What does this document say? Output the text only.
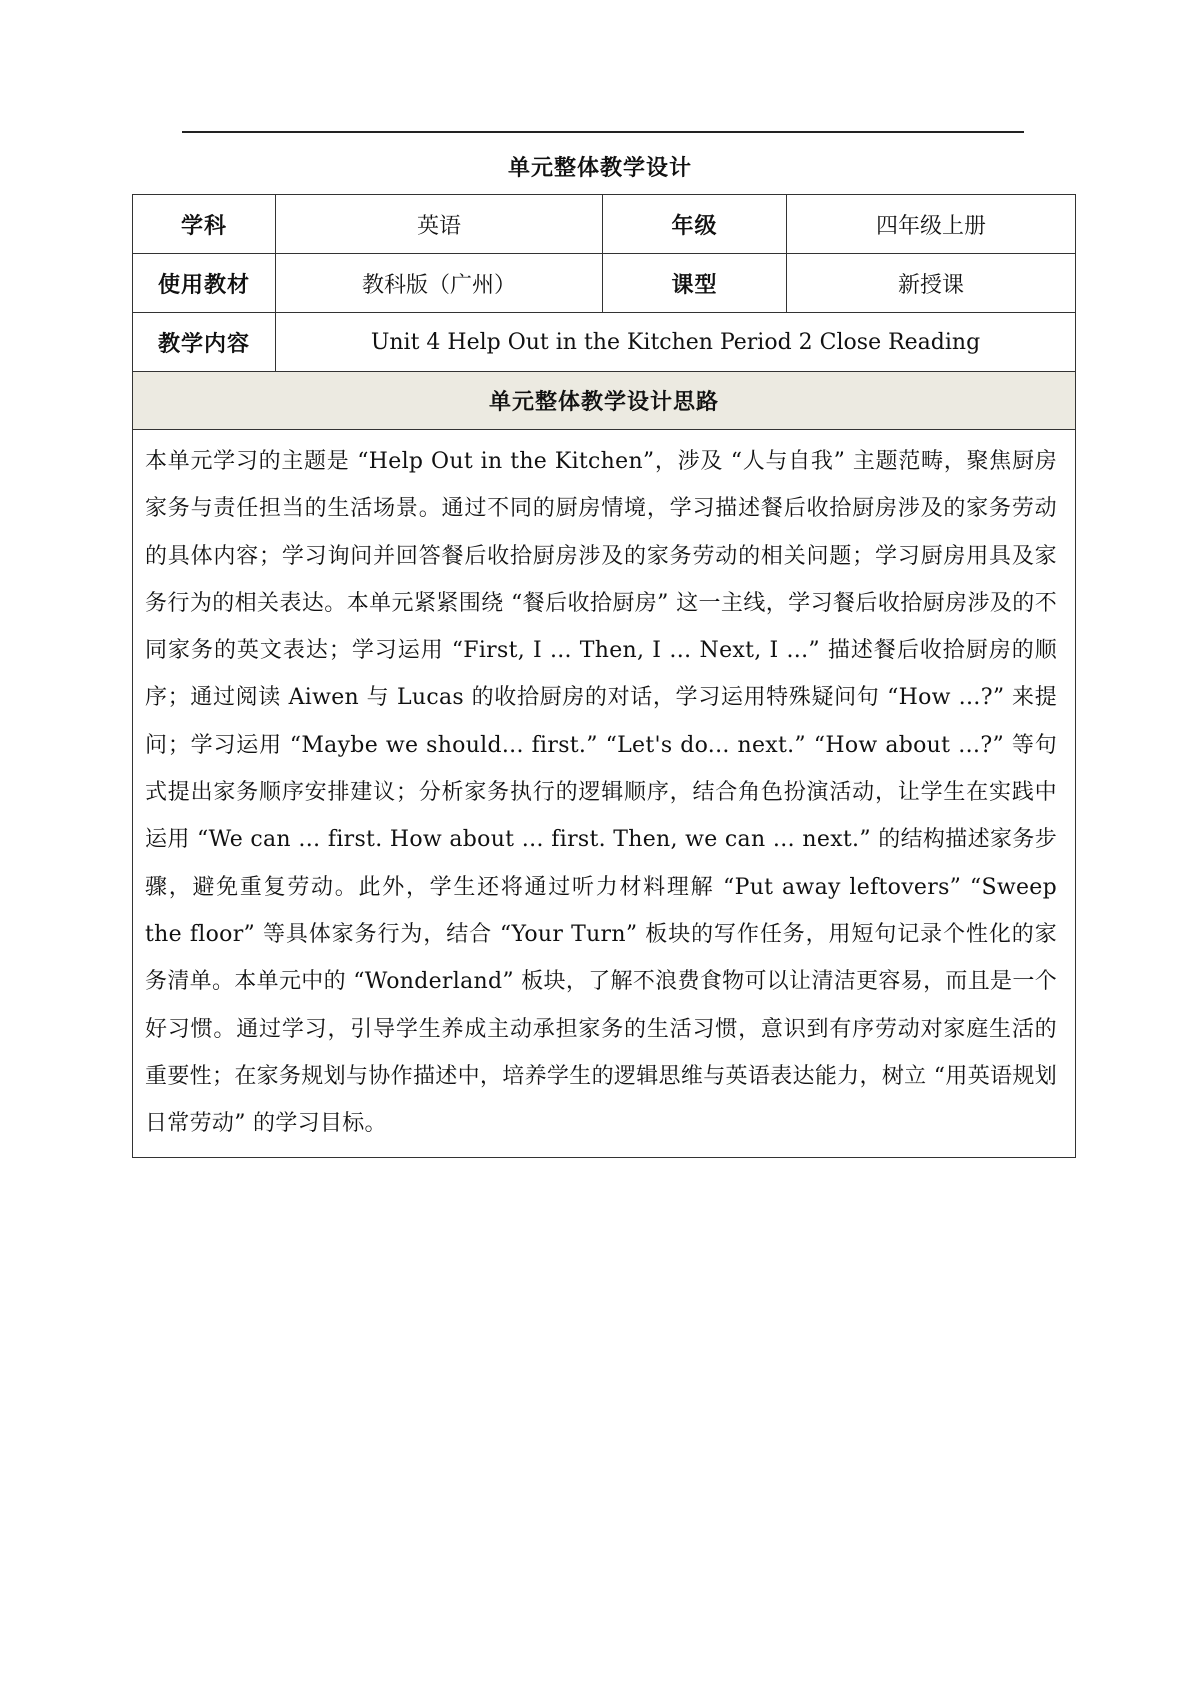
单元整体教学设计
学科	英语	年级	四年级上册
使用教材	教科版（广州）	课型	新授课
教学内容	Unit 4 Help Out in the Kitchen Period 2 Close Reading		
单元整体教学设计思路			
本单元学习的主题是 “Help Out in the Kitchen”，涉及 “人与自我” 主题范畴，聚焦厨房家务与责任担当的生活场景。通过不同的厨房情境，学习描述餐后收拾厨房涉及的家务劳动的具体内容；学习询问并回答餐后收拾厨房涉及的家务劳动的相关问题；学习厨房用具及家务行为的相关表达。本单元紧紧围绕 “餐后收拾厨房” 这一主线，学习餐后收拾厨房涉及的不同家务的英文表达；学习运用 “First, I ... Then, I … Next, I ...” 描述餐后收拾厨房的顺序；通过阅读 Aiwen 与 Lucas 的收拾厨房的对话，学习运用特殊疑问句 “How …?” 来提问；学习运用 “Maybe we should... first.” “Let's do... next.” “How about …?” 等句式提出家务顺序安排建议；分析家务执行的逻辑顺序，结合角色扮演活动，让学生在实践中运用 “We can … first. How about … first. Then, we can … next.” 的结构描述家务步骤，避免重复劳动。此外，学生还将通过听力材料理解 “Put away leftovers” “Sweep the floor” 等具体家务行为，结合 “Your Turn” 板块的写作任务，用短句记录个性化的家务清单。本单元中的 “Wonderland” 板块，了解不浪费食物可以让清洁更容易，而且是一个好习惯。通过学习，引导学生养成主动承担家务的生活习惯，意识到有序劳动对家庭生活的重要性；在家务规划与协作描述中，培养学生的逻辑思维与英语表达能力，树立 “用英语规划日常劳动” 的学习目标。			
